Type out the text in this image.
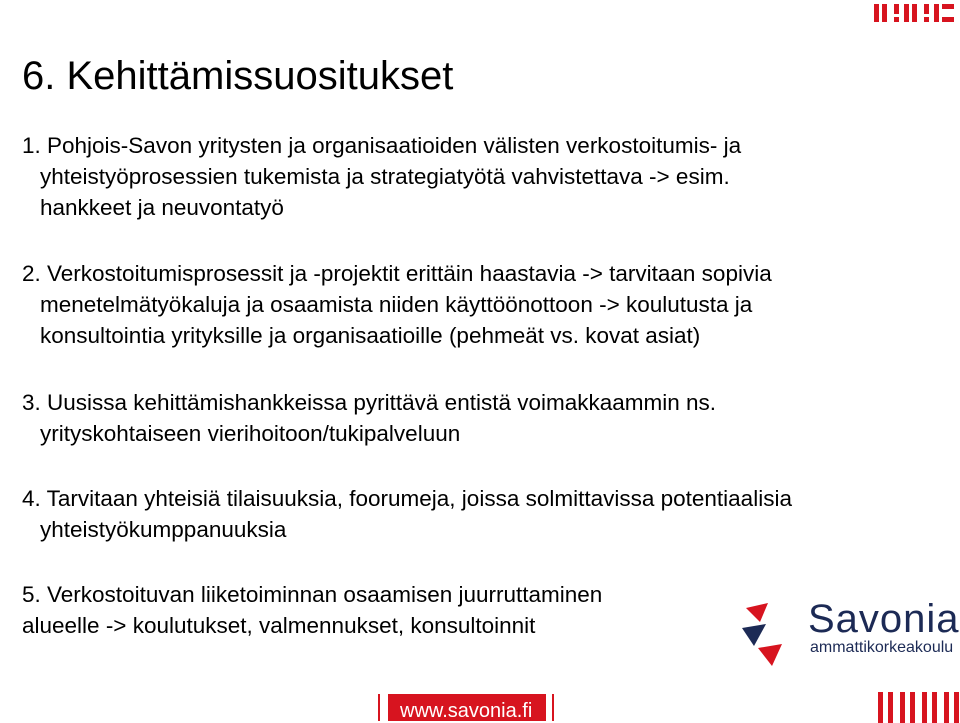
6. Kehittämissuositukset
1. Pohjois-Savon yritysten ja organisaatioiden välisten verkostoitumis- ja
yhteistyöprosessien tukemista ja strategiatyötä vahvistettava -> esim.
hankkeet ja neuvontatyö
2. Verkostoitumisprosessit ja -projektit erittäin haastavia -> tarvitaan sopivia
menetelmätyökaluja ja osaamista niiden käyttöönottoon -> koulutusta ja
konsultointia yrityksille ja organisaatioille (pehmeät vs. kovat asiat)
3. Uusissa kehittämishankkeissa pyrittävä entistä voimakkaammin ns.
yrityskohtaiseen vierihoitoon/tukipalveluun
4. Tarvitaan yhteisiä tilaisuuksia, foorumeja, joissa solmittavissa potentiaalisia
yhteistyökumppanuuksia
5. Verkostoituvan liiketoiminnan osaamisen juurruttaminen
alueelle -> koulutukset, valmennukset, konsultoinnit	Savonia
ammattikorkeakoulu
www.savonia.fi
